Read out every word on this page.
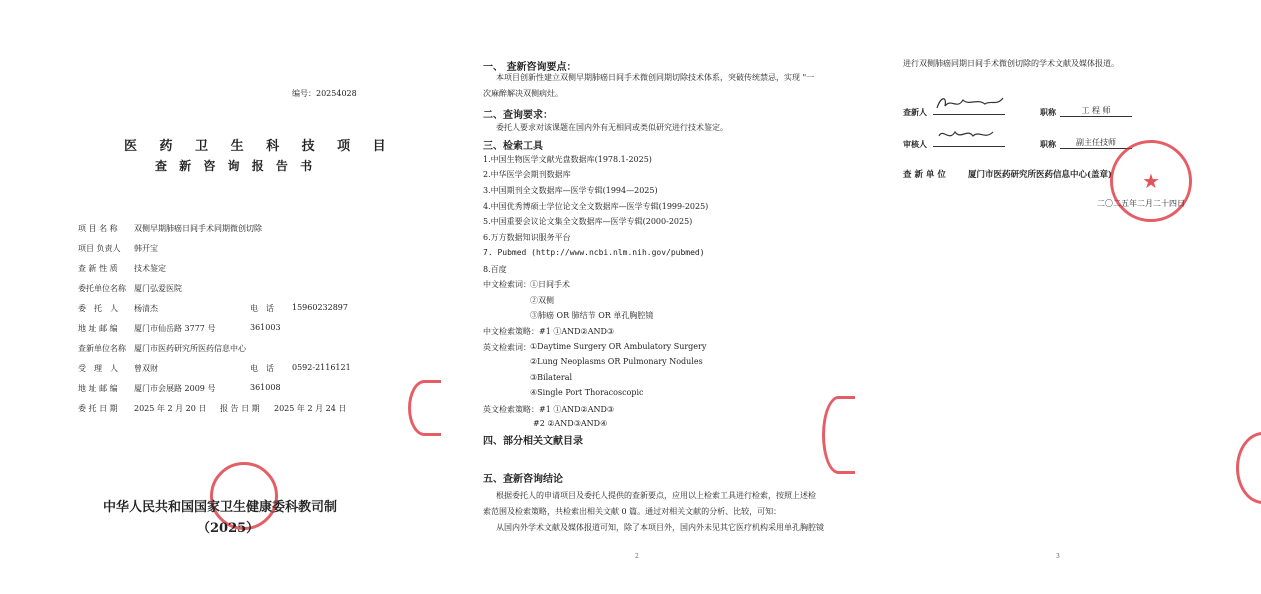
编号：20254028
医 药 卫 生 科 技 项 目
查 新 咨 询 报 告 书
项 目 名 称 双侧早期肺癌日间手术同期微创切除
项目 负责人 韩开宝
查 新 性 质 技术鉴定
委托单位名称 厦门弘爱医院
委　托　人 杨清杰	电　话 15960232897
地 址 邮 编 厦门市仙岳路 3777 号	361003
查新单位名称 厦门市医药研究所医药信息中心
受　理　人 曾双财	电　话 0592-2116121
地 址 邮 编 厦门市会展路 2009 号	361008
委 托 日 期 2025 年 2 月 20 日 报 告 日 期 2025 年 2 月 24 日
中华人民共和国国家卫生健康委科教司制
（2025）
一、 查新咨询要点：
本项目创新性建立双侧早期肺癌日间手术微创同期切除技术体系，突破传统禁忌，实现 "一
次麻醉解决双侧病灶。
二、查询要求：
委托人要求对该课题在国内外有无相同或类似研究进行技术鉴定。
三、检索工具
1.中国生物医学文献光盘数据库(1978.1-2025)
2.中华医学会期刊数据库
3.中国期刊全文数据库—医学专辑(1994—2025)
4.中国优秀博硕士学位论文全文数据库—医学专辑(1999-2025)
5.中国重要会议论文集全文数据库—医学专辑(2000-2025)
6.万方数据知识服务平台
7. Pubmed (http://www.ncbi.nlm.nih.gov/pubmed)
8.百度
中文检索词： ①日间手术
②双侧
③肺癌 OR 肺结节 OR 单孔胸腔镜
中文检索策略：#1 ①AND②AND③
英文检索词： ①Daytime Surgery OR Ambulatory Surgery
②Lung Neoplasms OR Pulmonary Nodules
③Bilateral
④Single Port Thoracoscopic
英文检索策略：#1 ①AND②AND③
#2 ②AND③AND④
四、部分相关文献目录
五、查新咨询结论
根据委托人的申请项目及委托人提供的查新要点，应用以上检索工具进行检索，按照上述检
索范围及检索策略，共检索出相关文献 0 篇。通过对相关文献的分析、比较，可知：
从国内外学术文献及媒体报道可知，除了本项目外，国内外未见其它医疗机构采用单孔胸腔镜
2
进行双侧肺癌同期日间手术微创切除的学术文献及媒体报道。
查新人	职称	工 程 师
审核人	职称	副主任技师
查 新 单 位	厦门市医药研究所医药信息中心(盖章) ★
二〇二五年二月二十四日
3
